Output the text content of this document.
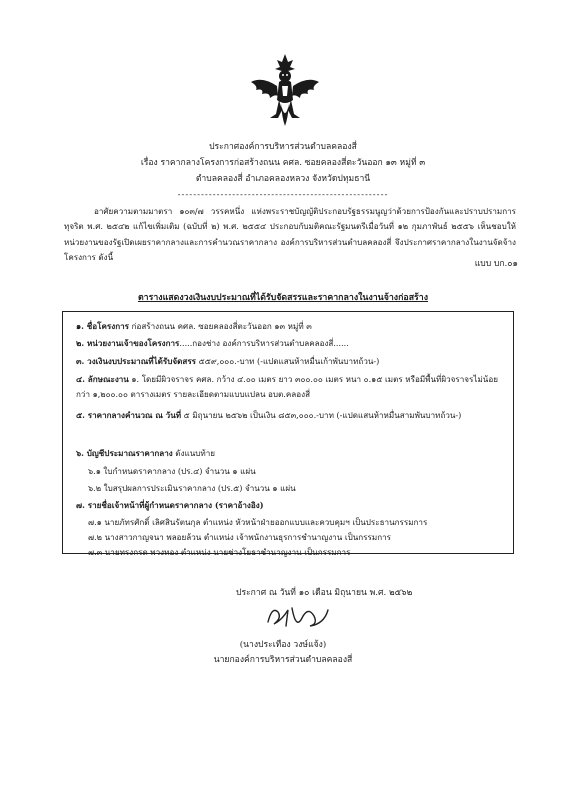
ประกาศองค์การบริหารส่วนตำบลคลองสี่
เรื่อง ราคากลางโครงการก่อสร้างถนน คศล. ซอยคลองสี่ตะวันออก ๑๓ หมู่ที่ ๓
ตำบลคลองสี่ อำเภอคลองหลวง จังหวัดปทุมธานี
------------------------------------------------------
อาศัยความตามมาตรา ๑๐๓/๗ วรรคหนึ่ง แห่งพระราชบัญญัติประกอบรัฐธรรมนูญว่าด้วยการป้องกันและปราบปรามการทุจริต พ.ศ. ๒๕๔๒ แก้ไขเพิ่มเติม (ฉบับที่ ๒) พ.ศ. ๒๕๕๔ ประกอบกับมติคณะรัฐมนตรีเมื่อวันที่ ๑๒ กุมภาพันธ์ ๒๕๕๖ เห็นชอบให้หน่วยงานของรัฐเปิดเผยราคากลางและการคำนวณราคากลาง องค์การบริหารส่วนตำบลคลองสี่ จึงประกาศราคากลางในงานจัดจ้างโครงการ ดังนี้
แบบ บก.๐๑
ตารางแสดงวงเงินงบประมาณที่ได้รับจัดสรรและราคากลางในงานจ้างก่อสร้าง
๑. ชื่อโครงการ ก่อสร้างถนน คศล. ซอยคลองสี่ตะวันออก ๑๓ หมู่ที่ ๓
๒. หน่วยงานเจ้าของโครงการ.....กองช่าง องค์การบริหารส่วนตำบลคลองสี่......
๓. วงเงินงบประมาณที่ได้รับจัดสรร ๕๕๙,๐๐๐.-บาท (-แปดแสนห้าหมื่นเก้าพันบาทถ้วน-)
๔. ลักษณะงาน ๑. โดยมีผิวจราจร คศล. กว้าง ๔.๐๐ เมตร ยาว ๓๐๐.๐๐ เมตร หนา ๐.๑๕ เมตร หรือมีพื้นที่ผิวจราจรไม่น้อยกว่า ๑,๒๐๐.๐๐ ตารางเมตร รายละเอียดตามแบบแปลน อบต.คลองสี่
๕. ราคากลางคำนวณ ณ วันที่ ๕ มิถุนายน ๒๕๖๒ เป็นเงิน ๘๕๓,๐๐๐.-บาท (-แปดแสนห้าหมื่นสามพันบาทถ้วน-)
๖. บัญชีประมาณราคากลาง ดังแนบท้าย
๖.๑ ใบกำหนดราคากลาง (ปร.๔) จำนวน ๑ แผ่น
๖.๒ ใบสรุปผลการประเมินราคากลาง (ปร.๕) จำนวน ๑ แผ่น
๗. รายชื่อเจ้าหน้าที่ผู้กำหนดราคากลาง (ราคาอ้างอิง)
๗.๑ นายภัทรศักดิ์ เลิศสินรัตนกุล ตำแหน่ง หัวหน้าฝ่ายออกแบบและควบคุมฯ เป็นประธานกรรมการ
๗.๒ นางสาวกาญจนา พลอยล้วน ตำแหน่ง เจ้าพนักงานธุรการชำนาญงาน เป็นกรรมการ
๗.๓ นายทรงกรด พวงทอง ตำแหน่ง นายช่างโยธาชำนาญงาน เป็นกรรมการ
ประกาศ ณ วันที่ ๑๐ เดือน มิถุนายน พ.ศ. ๒๕๖๒
(นางประเทือง วงษ์แจ้ง)
นายกองค์การบริหารส่วนตำบลคลองสี่
